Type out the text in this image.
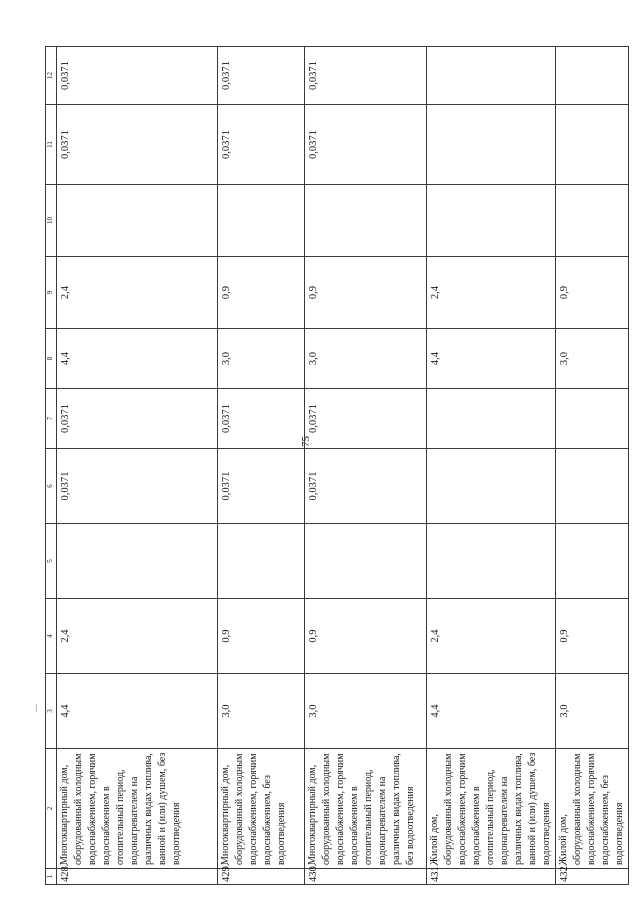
75
1	2	3	4	5	6	7	8	9	10	11	12
428.	Многоквартирный дом, оборудованный холодным водоснабжением, горячим водоснабжением в отопительный период, водонагревателем на различных видах топлива, ванной и (или) душем, без водоотведения	4,4	2,4		0,0371	0,0371	4,4	2,4		0,0371	0,0371
429.	Многоквартирный дом, оборудованный холодным водоснабжением, горячим водоснабжением, без водоотведения	3,0	0,9		0,0371	0,0371	3,0	0,9		0,0371	0,0371
430.	Многоквартирный дом, оборудованный холодным водоснабжением, горячим водоснабжением в отопительный период, водонагревателем на различных видах топлива, без водоотведения	3,0	0,9		0,0371	0,0371	3,0	0,9		0,0371	0,0371
431.	Жилой дом, оборудованный холодным водоснабжением, горячим водоснабжением в отопительный период, водонагревателем на различных видах топлива, ванной и (или) душем, без водоотведения	4,4	2,4				4,4	2,4			
432.	Жилой дом, оборудованный холодным водоснабжением, горячим водоснабжением, без водоотведения	3,0	0,9				3,0	0,9			
